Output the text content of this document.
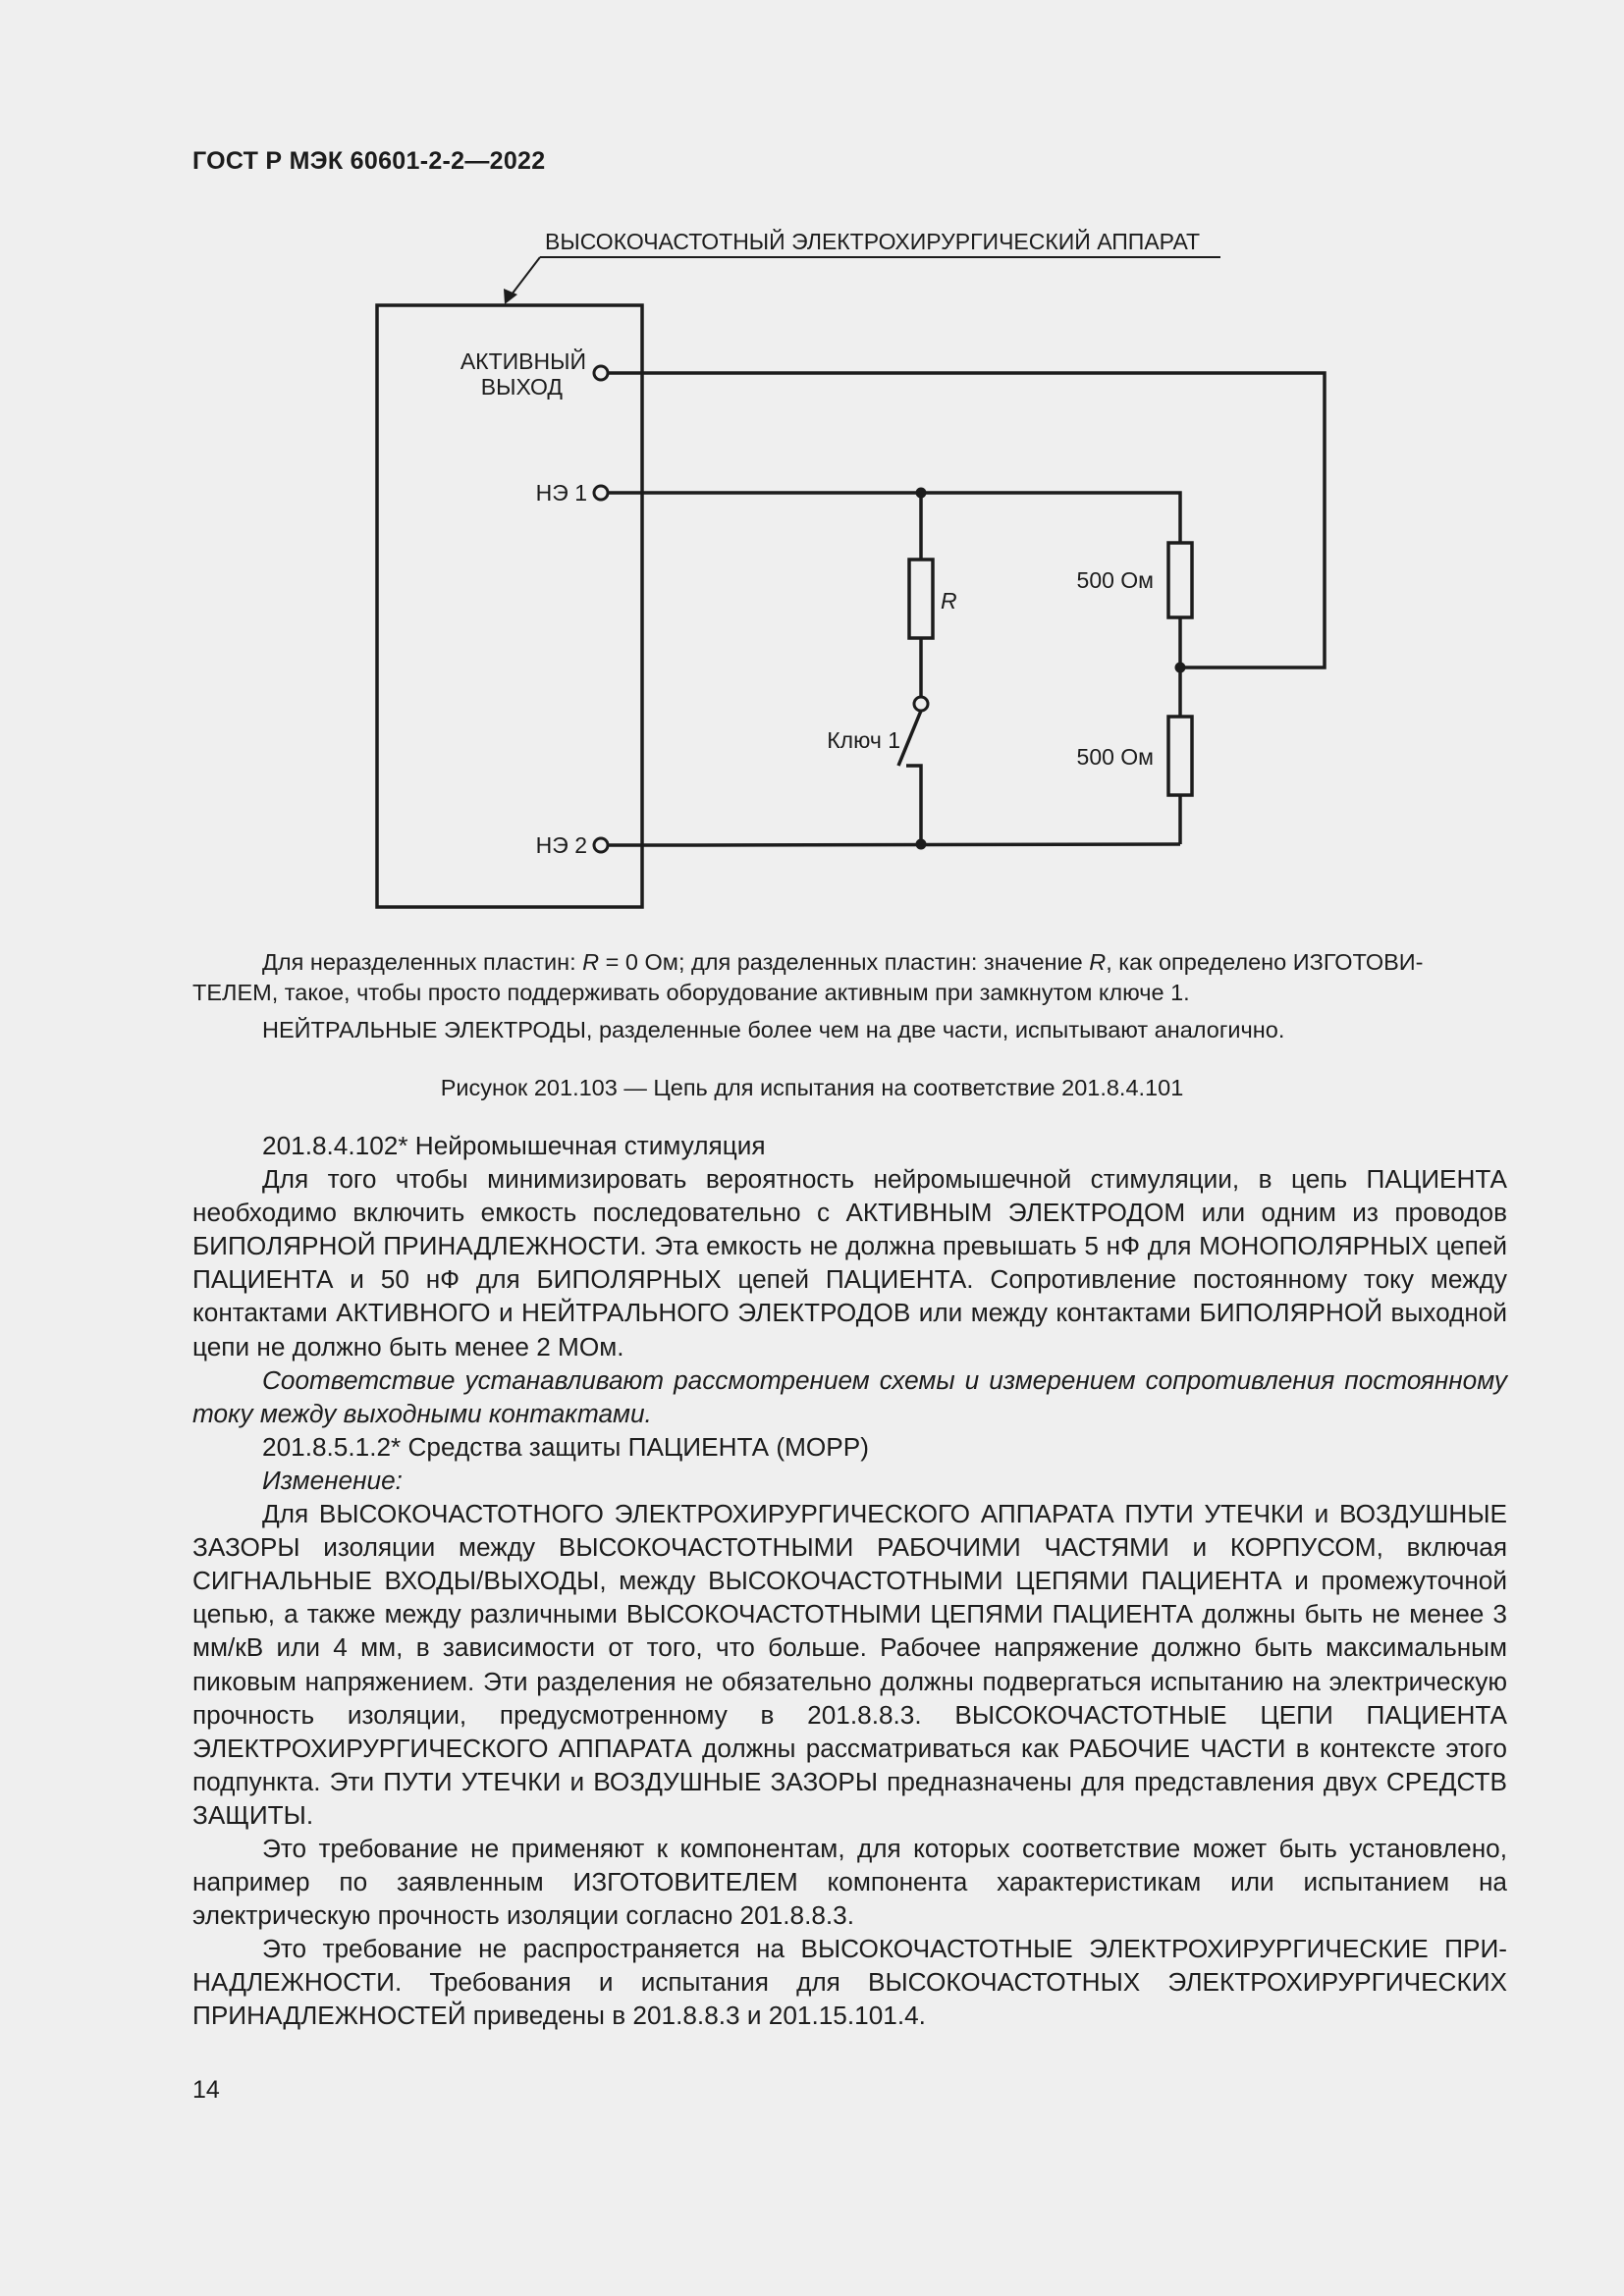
ГОСТ Р МЭК 60601-2-2—2022
ВЫСОКОЧАСТОТНЫЙ ЭЛЕКТРОХИРУРГИЧЕСКИЙ АППАРАТ
АКТИВНЫЙ
ВЫХОД
НЭ 1
НЭ 2
R
Ключ 1
500 Ом
500 Ом
Для неразделенных пластин: R = 0 Ом; для разделенных пластин: значение R, как определено ИЗГОТОВИ-
ТЕЛЕМ, такое, чтобы просто поддерживать оборудование активным при замкнутом ключе 1.
НЕЙТРАЛЬНЫЕ ЭЛЕКТРОДЫ, разделенные более чем на две части, испытывают аналогично.
Рисунок 201.103 — Цепь для испытания на соответствие 201.8.4.101

201.8.4.102* Нейромышечная стимуляция

Для того чтобы минимизировать вероятность нейромышечной стимуляции, в цепь ПАЦИЕНТА необходимо включить емкость последовательно с АКТИВНЫМ ЭЛЕКТРОДОМ или одним из проводов БИПОЛЯРНОЙ ПРИНАДЛЕЖНОСТИ. Эта емкость не должна превышать 5 нФ для МОНОПОЛЯРНЫХ цепей ПАЦИЕНТА и 50 нФ для БИПОЛЯРНЫХ цепей ПАЦИЕНТА. Сопротивление постоянному току между контактами АКТИВНОГО и НЕЙТРАЛЬНОГО ЭЛЕКТРОДОВ или между контактами БИПОЛЯРНОЙ выходной цепи не должно быть менее 2 МОм.

Соответствие устанавливают рассмотрением схемы и измерением сопротивления постоянному току между выходными контактами.

201.8.5.1.2* Средства защиты ПАЦИЕНТА (МОРР)

Изменение:

Для ВЫСОКОЧАСТОТНОГО ЭЛЕКТРОХИРУРГИЧЕСКОГО АППАРАТА ПУТИ УТЕЧКИ и ВОЗДУШНЫЕ ЗАЗОРЫ изоляции между ВЫСОКОЧАСТОТНЫМИ РАБОЧИМИ ЧАСТЯМИ и КОРПУСОМ, включая СИГНАЛЬНЫЕ ВХОДЫ/ВЫХОДЫ, между ВЫСОКОЧАСТОТНЫМИ ЦЕПЯМИ ПАЦИЕНТА и промежуточной цепью, а также между различными ВЫСОКОЧАСТОТНЫМИ ЦЕПЯМИ ПАЦИЕНТА должны быть не менее 3 мм/кВ или 4 мм, в зависимости от того, что больше. Рабочее напряжение должно быть максимальным пиковым напряжением. Эти разделения не обязательно должны подвергаться испытанию на электрическую прочность изоляции, предусмотренному в 201.8.8.3. ВЫСОКОЧАСТОТНЫЕ ЦЕПИ ПАЦИЕНТА ЭЛЕКТРОХИРУРГИЧЕСКОГО АППАРАТА должны рассматриваться как РАБОЧИЕ ЧАСТИ в контексте этого подпункта. Эти ПУТИ УТЕЧКИ и ВОЗДУШНЫЕ ЗАЗОРЫ предназначены для представления двух СРЕДСТВ ЗАЩИТЫ.

Это требование не применяют к компонентам, для которых соответствие может быть установлено, например по заявленным ИЗГОТОВИТЕЛЕМ компонента характеристикам или испытанием на электрическую прочность изоляции согласно 201.8.8.3.

Это требование не распространяется на ВЫСОКОЧАСТОТНЫЕ ЭЛЕКТРОХИРУРГИЧЕСКИЕ ПРИНАДЛЕЖНОСТИ. Требования и испытания для ВЫСОКОЧАСТОТНЫХ ЭЛЕКТРОХИРУРГИЧЕСКИХ ПРИНАДЛЕЖНОСТЕЙ приведены в 201.8.8.3 и 201.15.101.4.

14
